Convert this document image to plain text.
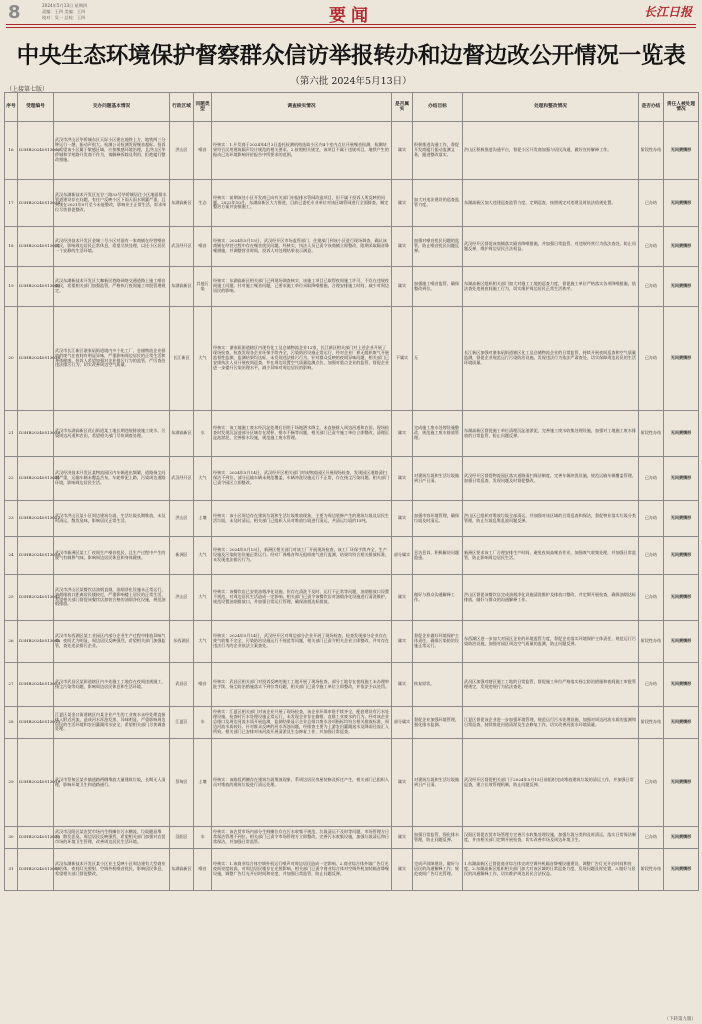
8	2024年5月13日 星期四
责编：王四 美编：王四
校对：吴一 总校：王四	要闻	长江日报
中央生态环境保护督察群众信访举报转办和边督边改公开情况一览表
（第六批 2024年5月13日）
（上接第七版）
序号	受理编号	交办问题基本情况	行政区域	问题类型	调查核实情况	是否属实	办结目标	处理和整改情况	是否办结	责任人被处理情况
16	D3HB20240513006	武汉市洪山区华侨城东区天际小区建在地铁上方，地铁两三分钟运行一趟，振动声很大。检测公司检测发现噪音超标。投诉人希望该小区属于敏感区域，应按敏感环境治理，且洪山区华侨城和学苑路开发商不作为，请解释拆除及利用、拒绝履行整改措施。	洪山区	噪音	经核实：1.开发商于2024年4月3日委托检测机构选取小区内4个室内点位开展噪音检测，检测结果符合民用建筑隔声设计规范的相关要求。2.按照相关规定，该项目不属于违规项目，地铁产生的振动已达环境影响评价报告中所要求的范围。	属实	积极推进沟通工作，督促开发商履行振动监测义务，跟进整改落实。	洪山区积极推进沟通平台，督促小区开发商加强与居民沟通，做好宣传解释工作。	阶段性办结	无问责情形
17	D3HB20240513024	武汉东湖新技术开发区光谷三路33号华侨城居住小区地面排水管道建设存在问题，有住户反映小区下雨天雨水倒灌严重，且到现在2021年9月至今未能整改，影响业主正常生活，诉求单位尽快督促整改。	东湖高新区	生态	经核实：前期该处小区开发商已向有关部门申报排水管网改造项目，但不属于投诉人所反映的问题。2022年10月，东湖高新区大力推进，目前已委托专业单位对该区域管网进行全面排查，制定整治方案并安排施工。	属实	加大对违法建设的巡查监管力度。	东湖高新区加大违建巡查监管力度，定期巡查，按照规定对违建及时依法依规处置。	已办结	无问责情形
18	D3HB20240513031	武汉经济技术开发区金城三号小区对面有一家商铺在经营噪音扰民，影响周边居民正常休息，希望尽快处理，以还小区居民一个安静的生活环境。	武汉经开区	噪音	经核实：2024年5月15日，武汉经开区市场监管部门、住建部门到该小区进行现场调查，确认该商铺在经营过程中存在噪音扰民问题。经核实，执法人员已责令该商铺立即整改，限期采取隔音降噪措施，并调整营业时间，投诉人对处理结果表示满意。	属实	加强对噪音扰民问题的监管，防止噪音扰民问题反弹。	武汉经开区督促该商铺落实隔音降噪措施，并加强日常监管，对违规经营行为依法查处，防止问题反弹，维护周边居民合法权益。	已办结	无问责情形
19	D3HB20240513046	武汉东湖新技术开发区大咖新民巷路网络交通道路上施工噪音扰民，希望相关部门加强监管，严格执行夜间施工审批管理规定。	东湖高新区	其他污染	经核实：东湖高新区相关部门已到现场调查核实，该施工项目已取得夜间施工许可，不存在违规夜间施工问题。针对施工噪音问题，已要求施工单位采取降噪措施，合理安排施工时间，减少对周边居民的影响。	属实	加强施工噪音监管，确保整改到位。	东湖高新区组织相关部门加大对施工工地的巡查力度，督促施工单位严格落实各项降噪措施，依法查处违规夜间施工行为，切实维护周边居民正常生活秩序。	已办结	无问责情形
20	D3HB20240513026	武汉市长江新区谌家矶街道境内多个化工厂、仓储物流企业排放的废气在夜间有明显异味，严重影响周边居民的正常生活和身体健康。投诉人希望加强对企业排污行为的监管，严厉查处违法排污行为，切实改善周边空气质量。	长江新区	大气	经核实：谌家矶街道辖区内现有化工及仓储物流企业12家，长江新区相关部门对上述企业开展了现场检查。检查发现各企业环保手续齐全，污染防治设施正常运行，经对企业厂界无组织废气开展监督性监测，监测结果均达标，未发现违法排污行为。针对群众反映的夜间异味问题，相关部门已安排执法人员开展夜间巡查，并在周边设置空气质量监测点位，加强对重点企业的监管，督促企业进一步提升污染治理水平，减少异味对周边居民的影响。	不属实	无	长江新区加强对谌家矶街道辖区化工及仓储物流企业的日常监管，持续开展夜间巡查和空气质量监测，督促企业规范运行污染防治设施，发现违法行为依法严肃查处，切实保障周边居民的生活环境质量。	已办结	无问责情形
21	D3HB20240513036	武汉市东湖高新区花山街道某工地长期违规排放施工废水，污染周边河道和农田，希望相关部门尽快调查处理。	东湖高新区	水	经核实：该工地施工废水经沉淀处理后回用于场地洒水降尘，未直接排入周边河道和农田。现场检查时发现沉淀池部分区域存在淤积、排水不畅等问题，相关部门已责令施工单位立即整改，清理沉淀池淤泥，完善排水设施，规范施工废水管理。	属实	完成施工废水处理设施整改，规范施工废水排放管理。	东湖高新区督促施工单位清理沉淀池淤泥，完善施工废水收集处理设施，加强对工地施工废水排放的日常监管，防止问题反弹。	阶段性办结	无问责情形
22	D3HB20240513051	武汉经济技术开发区某物流园区内车辆进出频繁，道路扬尘问题严重，运输车辆未覆盖苫布，车轮带泥上路，污染周边道路环境，影响周边居民生活。	武汉经开区	大气	经核实：2024年5月14日，武汉经开区相关部门对该物流园区开展现场检查，发现园区道路清扫保洁不到位，部分运输车辆未规范覆盖，车辆冲洗设施运行不正常，存在扬尘污染问题。相关部门已责令园区立即整改。	属实	对建筑垃圾和生活垃圾做到日产日清。	武汉经开区督促物流园区落实道路清扫保洁制度，完善车辆冲洗设施，规范运输车辆覆盖管理，加强日常巡查，发现问题及时督促整改。	已办结	无问责情形
23	D3HB20240513022	武汉市洪山区某小区周边建筑垃圾、生活垃圾长期堆放，未及时清运，散发臭味，影响居民正常生活。	洪山区	土壤	经核实：该小区周边存在建筑垃圾和生活垃圾堆放现象，主要为周边装修产生的建筑垃圾及居民生活垃圾，未及时清运。相关部门已组织人员对堆放垃圾进行清运，共清运垃圾约15吨。	属实	加强市容环境管理，确保垃圾及时清运。	洪山区已组织对堆放垃圾全部清运，并加强对该区域的日常巡查和保洁，督促物业落实垃圾分类管理，防止垃圾乱堆乱放问题反弹。	已办结	无问责情形
24	D3HB20240513030	武汉市新洲区某工厂夜间生产噪音扰民，且生产过程中产生的废气有刺鼻气味，影响周边居民休息和身体健康。	新洲区	大气	经核实：2024年5月15日，新洲区相关部门对该工厂开展现场检查，该工厂环保手续齐全，生产设施及污染防治设施正常运行。经对厂界噪音和无组织废气进行监测，结果均符合相关排放标准，未发现违法排污行为。	部分属实	息访息诉，积极解决问题隐患。	新洲区要求该工厂合理安排生产时间，避免夜间高噪音作业，加强废气收集处理，并加强日常监管，防止影响周边居民生活。	已办结	无问责情形
25	D3HB20240513042	武汉市洪山区某餐饮店油烟直排，油烟净化设施未正常运行，油烟排放口距离居民楼较近，严重影响楼上居民的正常生活，希望相关部门督促该餐饮店加装合格的油烟净化设施，规范油烟排放。	洪山区	大气	经核实：该餐饮店已安装油烟净化设施，但存在清洗不及时、运行不正常等问题，油烟排放口设置不规范，对周边居民生活造成一定影响。相关部门已责令该餐饮店对油烟净化设施进行清洗维护，规范设置油烟排放口，并加强日常运行管理，确保油烟达标排放。	属实	做好与群众沟通解释工作。	洪山区督促该餐饮店完成油烟净化设施清洗维护及排放口整改，并定期开展检查，确保油烟达标排放，做好与群众的沟通解释工作。	已办结	无问责情形
26	D3HB20240513048	武汉市东西湖区某工业园区内部分企业生产过程中排放异味气体，夜间尤为明显，周边居民反映强烈，希望相关部门加强监管，查处违法排污企业。	东西湖区	大气	经核实：2024年5月14日，武汉经开区对周边部分企业开展了现场检查，检查发现部分企业存在废气收集不完全、污染防治设施运行不规范等问题，相关部门已责令相关企业立即整改，并对存在违法行为的企业依法立案查处。	属实	督促企业做好环境保护主体责任，确保污染防治设施正常运行。	东西湖区进一步加大对园区企业的环境监管力度，督促企业落实环境保护主体责任，规范运行污染防治设施，加强对园区周边空气质量的监测，防止问题反弹。	阶段性办结	无问责情形
27	D3HB20240513053	武汉市武昌区某街道辖区内多处施工工地存在夜间违规施工、扬尘污染等问题，影响周边居民休息和生活环境。	武昌区	噪音	经核实：武昌区相关部门对投诉反映的施工工地开展了现场检查，部分工地存在夜间施工未办理审批手续、扬尘防治措施落实不到位等问题，相关部门已责令施工单位立即整改，并依法予以处罚。	属实	恢复原状。	武昌区加强对辖区施工工地的日常监管，督促施工单位严格落实扬尘防治措施和夜间施工审批管理规定，发现违规行为依法查处。	已办结	无问责情形
28	D3HB20240513015	江夏区某金口街道辖区内某企业产生的工业废水未经处理直接排入附近河流，造成河水浑浊发黑、异味明显，严重影响周边居民的生活环境和农田灌溉用水安全，希望相关部门尽快调查处理。	江夏区	水	经核实：江夏区相关部门对该企业开展了现场检查，该企业环保审批手续齐全，配套建设有污水处理设施，检查时污水处理设施正常运行，未发现企业存在偷排、直排工业废水的行为。经对该企业总排口及周边河流水质开展监测，监测结果显示企业总排口废水各项指标均符合相关排放标准，周边河流水质较好。针对群众反映的河水浑浊问题，经排查主要为上游农田灌溉退水及降雨径流汇入所致。相关部门已安排对该河流开展清淤及生态修复工作，并加强日常巡查。	部分属实	督促企业加强环境管理，强化排水监测。	江夏区督促该企业进一步加强环境管理，规范运行污水处理设施，加强对周边河流水质的监测和日常巡查，持续推进河道清淤及生态修复工作，切实改善河流水环境质量。	阶段性办结	无问责情形
29	D3HB20240513019	武汉市蔡甸区某乡镇道路两侧堆放大量建筑垃圾，长期无人清理，影响环境卫生和道路通行。	蔡甸区	土壤	经核实：该路段两侧存在建筑垃圾堆放现象，系周边居民房屋装修及拆迁产生，相关部门已组织人员对堆放的建筑垃圾进行清运处理。	属实	对建筑垃圾和生活垃圾做到日产日清。	武汉经开区督促相关部门于2024年5月15日前组织完成堆放建筑垃圾的清运工作，并加强日常巡查，建立长效管理机制，防止问题反弹。	已办结	无问责情形
30	D3HB20240513039	武汉市汉阳区某农贸市场内生鲜摊位污水横流，垃圾随意堆放，散发恶臭，周边居民反映强烈，希望相关部门加强对农贸市场的环境卫生管理，改善周边居民生活环境。	汉阳区	水	经核实：该农贸市场内部分生鲜摊位存在污水收集不规范、垃圾清运不及时等问题，市场管理方日常保洁管理不到位。相关部门已责令市场管理方立即整改，完善污水收集设施，加强垃圾清运和日常保洁，并加强日常监管。	属实	加强日常监管，强化排水管理，防止问题反弹。	汉阳区督促农贸市场管理方完善污水收集处理设施，加强垃圾分类和及时清运，落实日常保洁制度，并由相关部门定期开展检查，切实改善市场及周边环境卫生。	已办结	无问责情形
31	D3HB20240513059	武汉东湖新技术开发区某小区业主反映小区周边建有大型商业综合体，夜间灯光照射、空调外机噪音扰民，影响居民休息，希望相关部门督促整改。	东湖高新区	噪音	经核实：1.该商业综合体空调外机运行噪声对周边居民造成一定影响。2.商业综合体外墙广告灯光夜间亮度较高，对周边居民楼存在光照影响。相关部门已责令商业综合体对空调外机加装隔音降噪设施，调整广告灯光开启时间和亮度，并加强日常监管，防止问题反弹。	属实	完成声屏障建设，做好与居民的沟通解释工作；规范夜间广告灯光管理。	1.东湖高新区已督促商业综合体完成空调外机隔音降噪设施建设，调整广告灯光开启时间和亮度。2.东湖高新区组织相关部门加大对该区域的日常巡查力度，发现问题及时处置。3.做好与居民的沟通解释工作，切实维护周边居民合法权益。	阶段性办结	无问责情形
（下转第九版）
